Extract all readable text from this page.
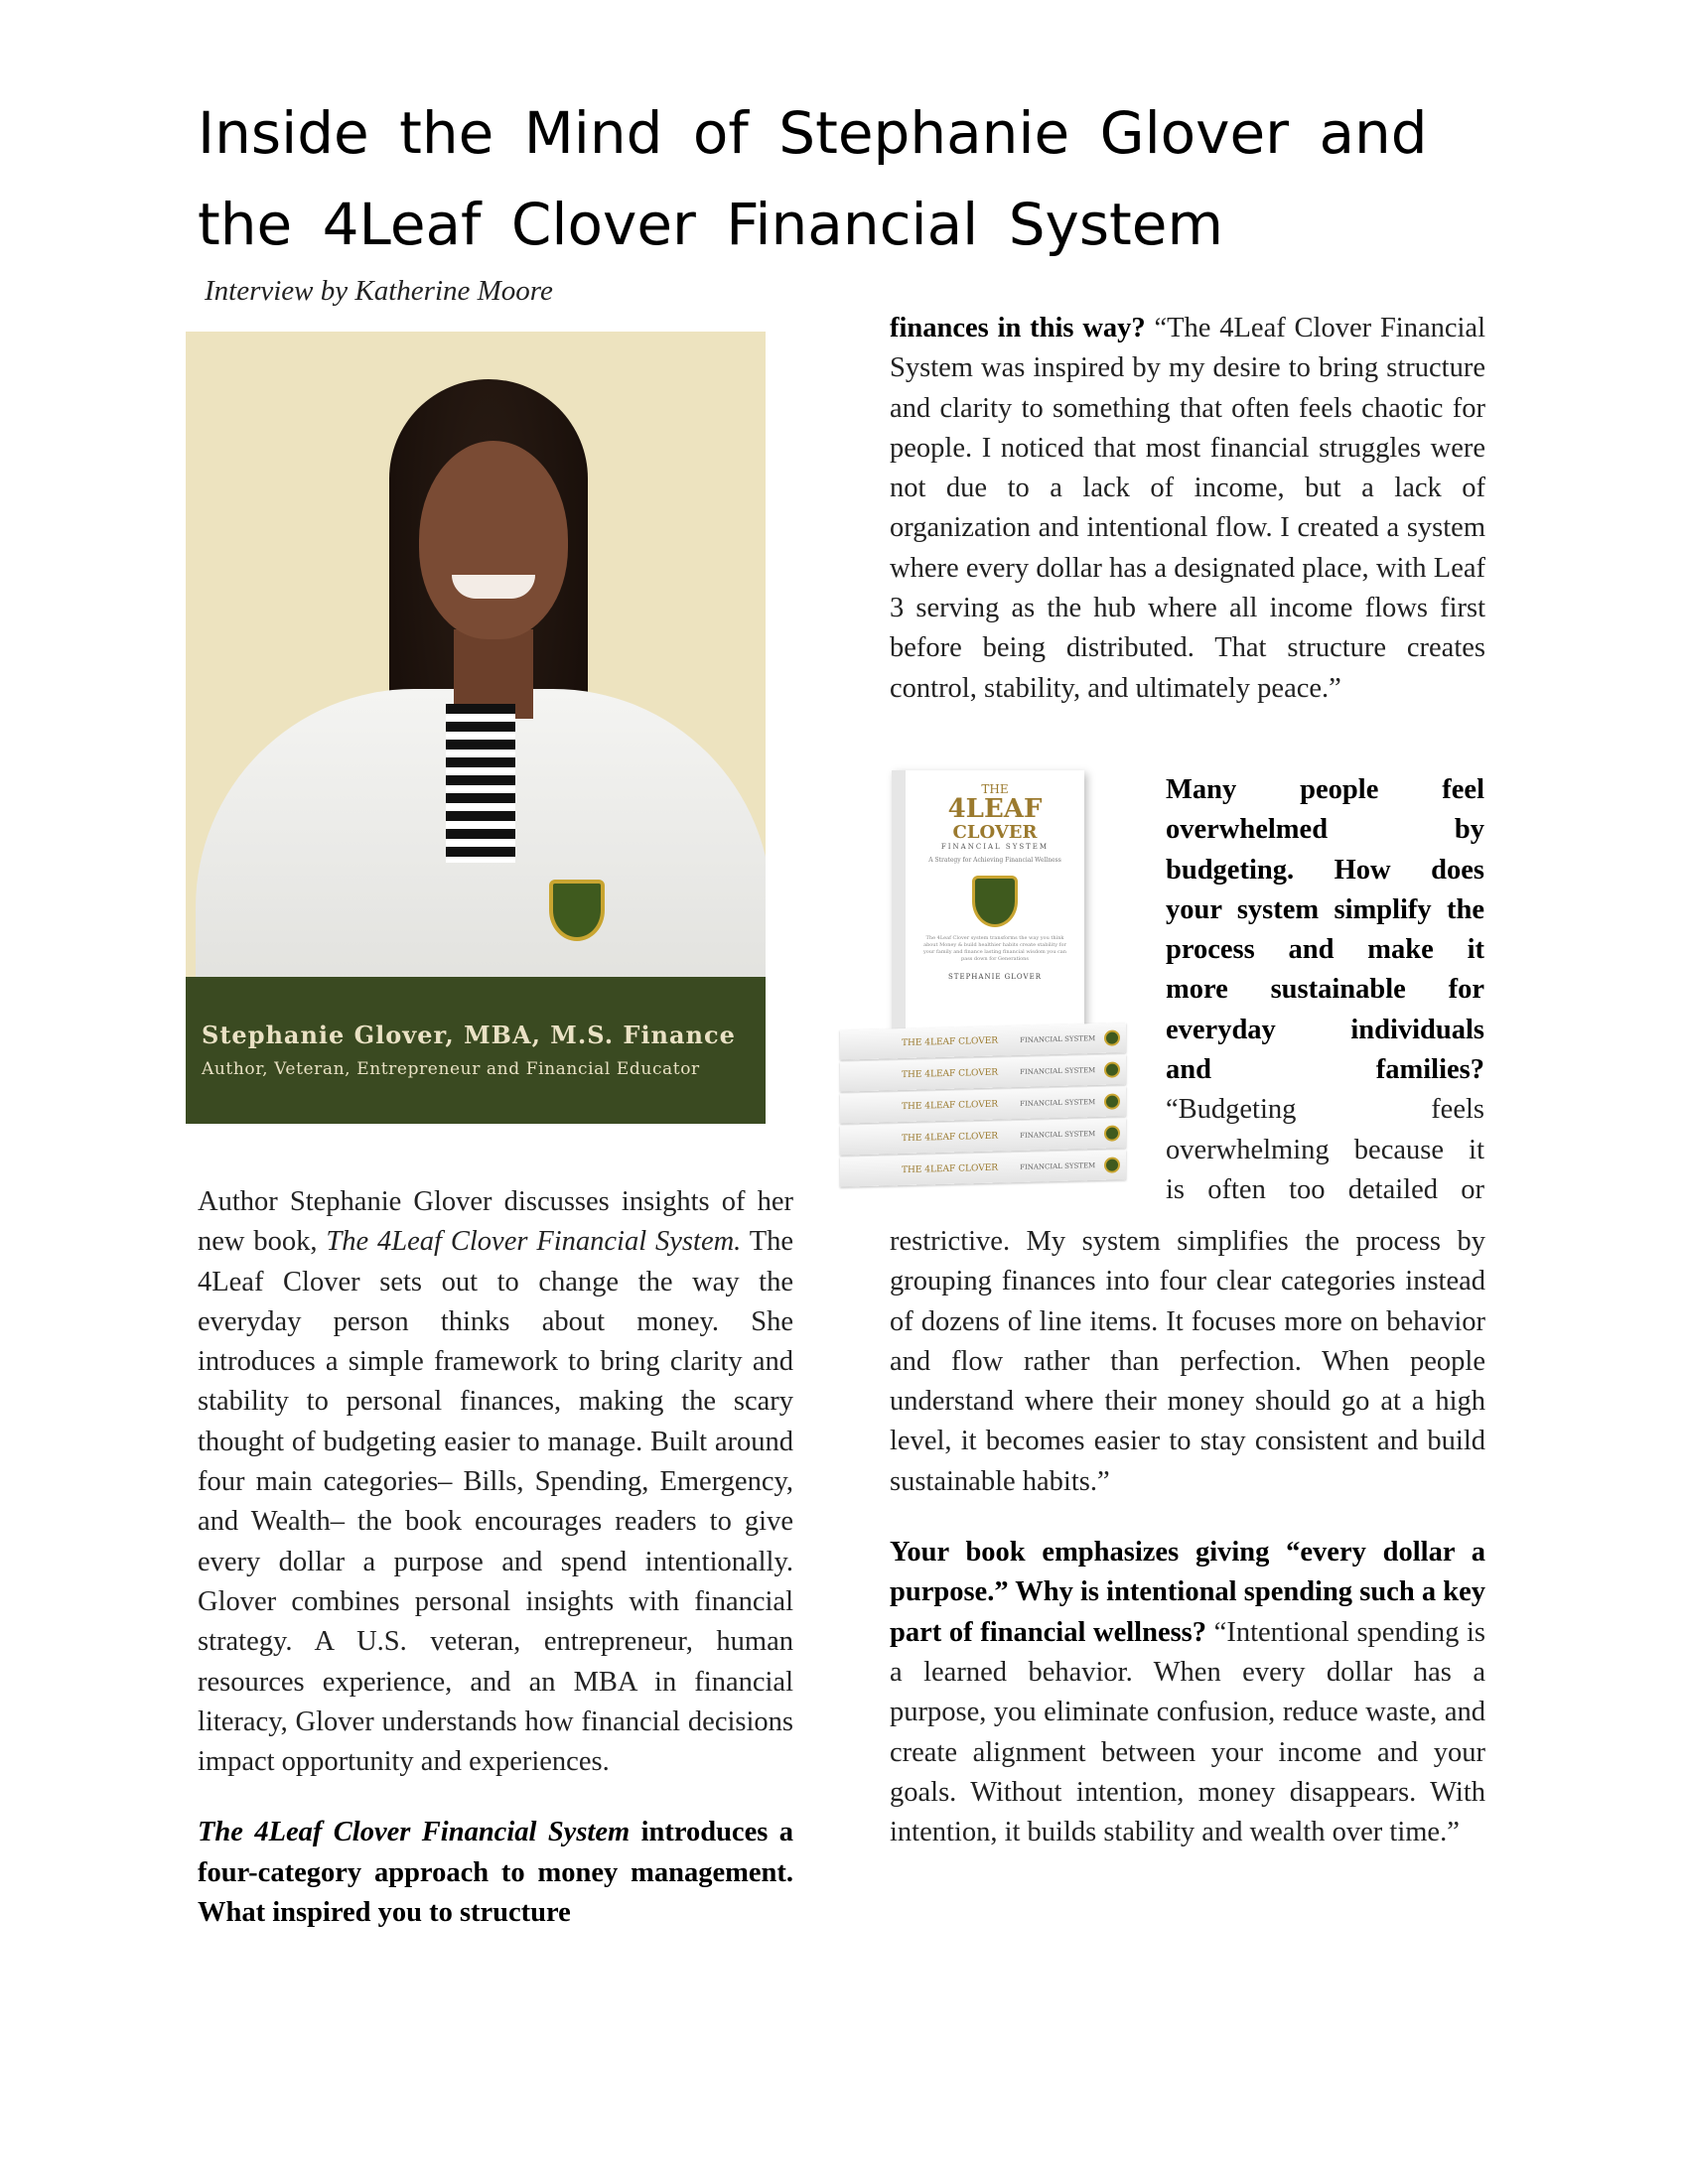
Inside the Mind of Stephanie Glover and the 4Leaf Clover Financial System
Interview by Katherine Moore
Stephanie Glover, MBA, M.S. Finance
Author, Veteran, Entrepreneur and Financial Educator

Author Stephanie Glover discusses insights of her new book, The 4Leaf Clover Financial System. The 4Leaf Clover sets out to change the way the everyday person thinks about money. She introduces a simple framework to bring clarity and stability to personal finances, making the scary thought of budgeting easier to manage. Built around four main categories– Bills, Spending, Emergency, and Wealth– the book encourages readers to give every dollar a purpose and spend intentionally. Glover combines personal insights with financial strategy. A U.S. veteran, entrepreneur, human resources experience, and an MBA in financial literacy, Glover understands how financial decisions impact opportunity and experiences.

The 4Leaf Clover Financial System introduces a four-category approach to money management. What inspired you to structure

finances in this way? “The 4Leaf Clover Financial System was inspired by my desire to bring structure and clarity to something that often feels chaotic for people. I noticed that most financial struggles were not due to a lack of income, but a lack of organization and intentional flow. I created a system where every dollar has a designated place, with Leaf 3 serving as the hub where all income flows first before being distributed. That structure creates control, stability, and ultimately peace.”

THE
4LEAF
CLOVER
FINANCIAL SYSTEM
A Strategy for Achieving Financial Wellness
The 4Leaf Clover system transforms the way you think about Money & build healthier habits create stability for your family and finance lasting financial wisdom you can pass down for Generations
STEPHANIE GLOVER
THE 4LEAF CLOVER	FINANCIAL SYSTEM
THE 4LEAF CLOVER	FINANCIAL SYSTEM
THE 4LEAF CLOVER	FINANCIAL SYSTEM
THE 4LEAF CLOVER	FINANCIAL SYSTEM
THE 4LEAF CLOVER	FINANCIAL SYSTEM
Many people feel
overwhelmed by
budgeting. How does
your system simplify the
process and make it
more sustainable for
everyday individuals
and families?
“Budgeting feels
overwhelming because it
is often too detailed or

restrictive. My system simplifies the process by grouping finances into four clear categories instead of dozens of line items. It focuses more on behavior and flow rather than perfection. When people understand where their money should go at a high level, it becomes easier to stay consistent and build sustainable habits.”

Your book emphasizes giving “every dollar a purpose.” Why is intentional spending such a key part of financial wellness? “Intentional spending is a learned behavior. When every dollar has a purpose, you eliminate confusion, reduce waste, and create alignment between your income and your goals. Without intention, money disappears. With intention, it builds stability and wealth over time.”
